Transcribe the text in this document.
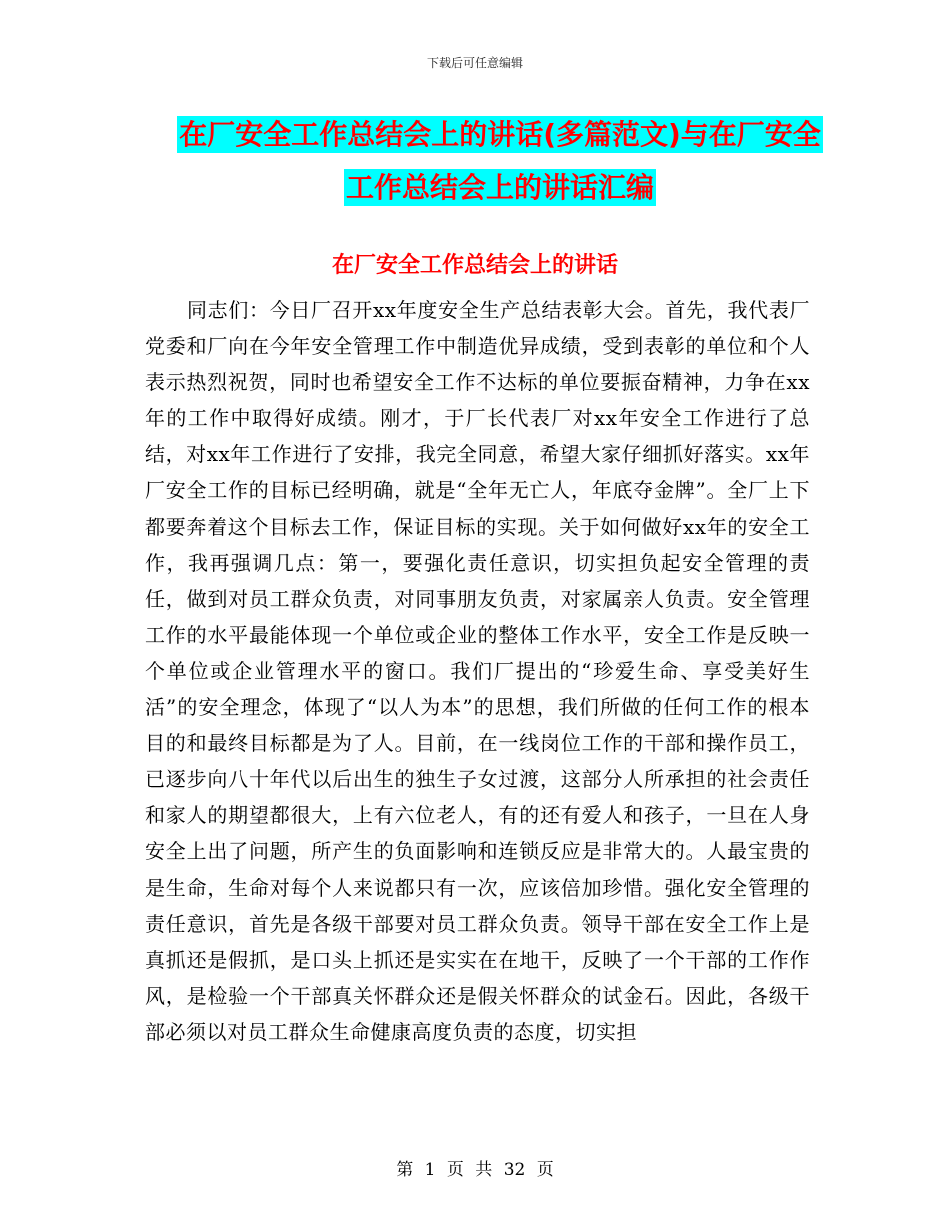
下载后可任意编辑
在厂安全工作总结会上的讲话(多篇范文)与在厂安全
工作总结会上的讲话汇编
在厂安全工作总结会上的讲话

同志们：今日厂召开xx年度安全生产总结表彰大会。首先，我代表厂党委和厂向在今年安全管理工作中制造优异成绩，受到表彰的单位和个人表示热烈祝贺，同时也希望安全工作不达标的单位要振奋精神，力争在xx年的工作中取得好成绩。刚才，于厂长代表厂对xx年安全工作进行了总结，对xx年工作进行了安排，我完全同意，希望大家仔细抓好落实。xx年厂安全工作的目标已经明确，就是“全年无亡人，年底夺金牌”。全厂上下都要奔着这个目标去工作，保证目标的实现。关于如何做好xx年的安全工作，我再强调几点：第一，要强化责任意识，切实担负起安全管理的责任，做到对员工群众负责，对同事朋友负责，对家属亲人负责。安全管理工作的水平最能体现一个单位或企业的整体工作水平，安全工作是反映一个单位或企业管理水平的窗口。我们厂提出的“珍爱生命、享受美好生活”的安全理念，体现了“以人为本”的思想，我们所做的任何工作的根本目的和最终目标都是为了人。目前，在一线岗位工作的干部和操作员工，已逐步向八十年代以后出生的独生子女过渡，这部分人所承担的社会责任和家人的期望都很大，上有六位老人，有的还有爱人和孩子，一旦在人身安全上出了问题，所产生的负面影响和连锁反应是非常大的。人最宝贵的是生命，生命对每个人来说都只有一次，应该倍加珍惜。强化安全管理的责任意识，首先是各级干部要对员工群众负责。领导干部在安全工作上是真抓还是假抓，是口头上抓还是实实在在地干，反映了一个干部的工作作风，是检验一个干部真关怀群众还是假关怀群众的试金石。因此，各级干部必须以对员工群众生命健康高度负责的态度，切实担

第 1 页 共 32 页
